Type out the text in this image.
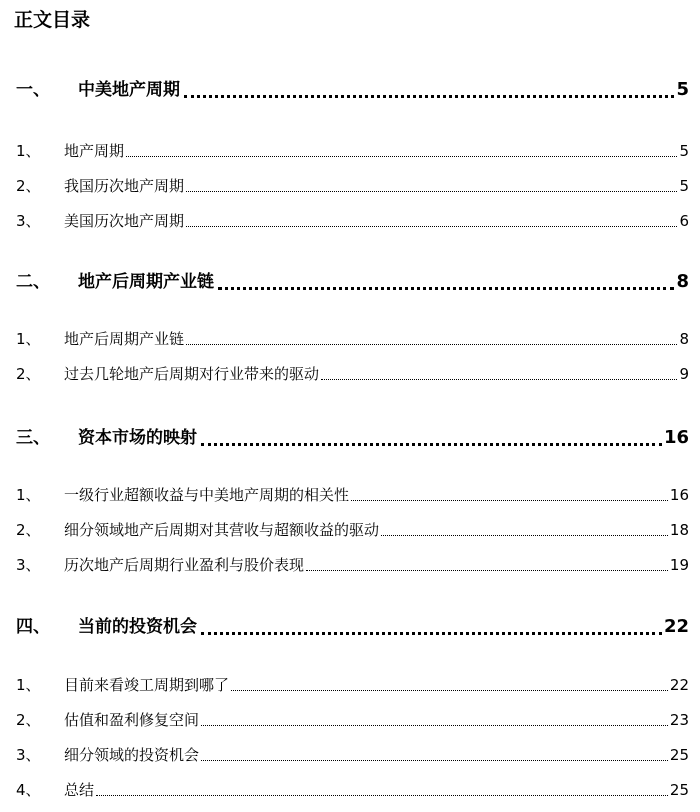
正文目录
一、	中美地产周期	5
1、	地产周期	5
2、	我国历次地产周期	5
3、	美国历次地产周期	6
二、	地产后周期产业链	8
1、	地产后周期产业链	8
2、	过去几轮地产后周期对行业带来的驱动	9
三、	资本市场的映射	16
1、	一级行业超额收益与中美地产周期的相关性	16
2、	细分领域地产后周期对其营收与超额收益的驱动	18
3、	历次地产后周期行业盈利与股价表现	19
四、	当前的投资机会	22
1、	目前来看竣工周期到哪了	22
2、	估值和盈利修复空间	23
3、	细分领域的投资机会	25
4、	总结	25
